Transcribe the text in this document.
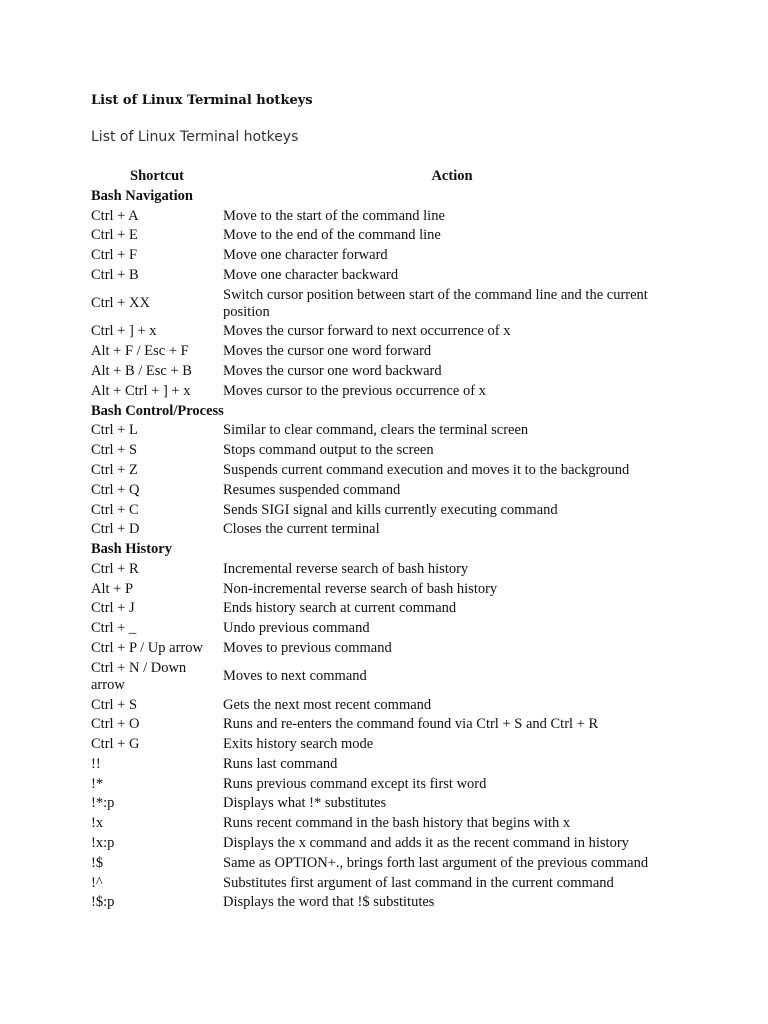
List of Linux Terminal hotkeys
List of Linux Terminal hotkeys
Shortcut	Action
Bash Navigation	
Ctrl + A	Move to the start of the command line
Ctrl + E	Move to the end of the command line
Ctrl + F	Move one character forward
Ctrl + B	Move one character backward
Ctrl + XX	Switch cursor position between start of the command line and the current position
Ctrl + ] + x	Moves the cursor forward to next occurrence of x
Alt + F / Esc + F	Moves the cursor one word forward
Alt + B / Esc + B	Moves the cursor one word backward
Alt + Ctrl + ] + x	Moves cursor to the previous occurrence of x
Bash Control/Process	
Ctrl + L	Similar to clear command, clears the terminal screen
Ctrl + S	Stops command output to the screen
Ctrl + Z	Suspends current command execution and moves it to the background
Ctrl + Q	Resumes suspended command
Ctrl + C	Sends SIGI signal and kills currently executing command
Ctrl + D	Closes the current terminal
Bash History	
Ctrl + R	Incremental reverse search of bash history
Alt + P	Non-incremental reverse search of bash history
Ctrl + J	Ends history search at current command
Ctrl + _	Undo previous command
Ctrl + P / Up arrow	Moves to previous command
Ctrl + N / Down arrow	Moves to next command
Ctrl + S	Gets the next most recent command
Ctrl + O	Runs and re-enters the command found via Ctrl + S and Ctrl + R
Ctrl + G	Exits history search mode
!!	Runs last command
!*	Runs previous command except its first word
!*:p	Displays what !* substitutes
!x	Runs recent command in the bash history that begins with x
!x:p	Displays the x command and adds it as the recent command in history
!$	Same as OPTION+., brings forth last argument of the previous command
!^	Substitutes first argument of last command in the current command
!$:p	Displays the word that !$ substitutes
